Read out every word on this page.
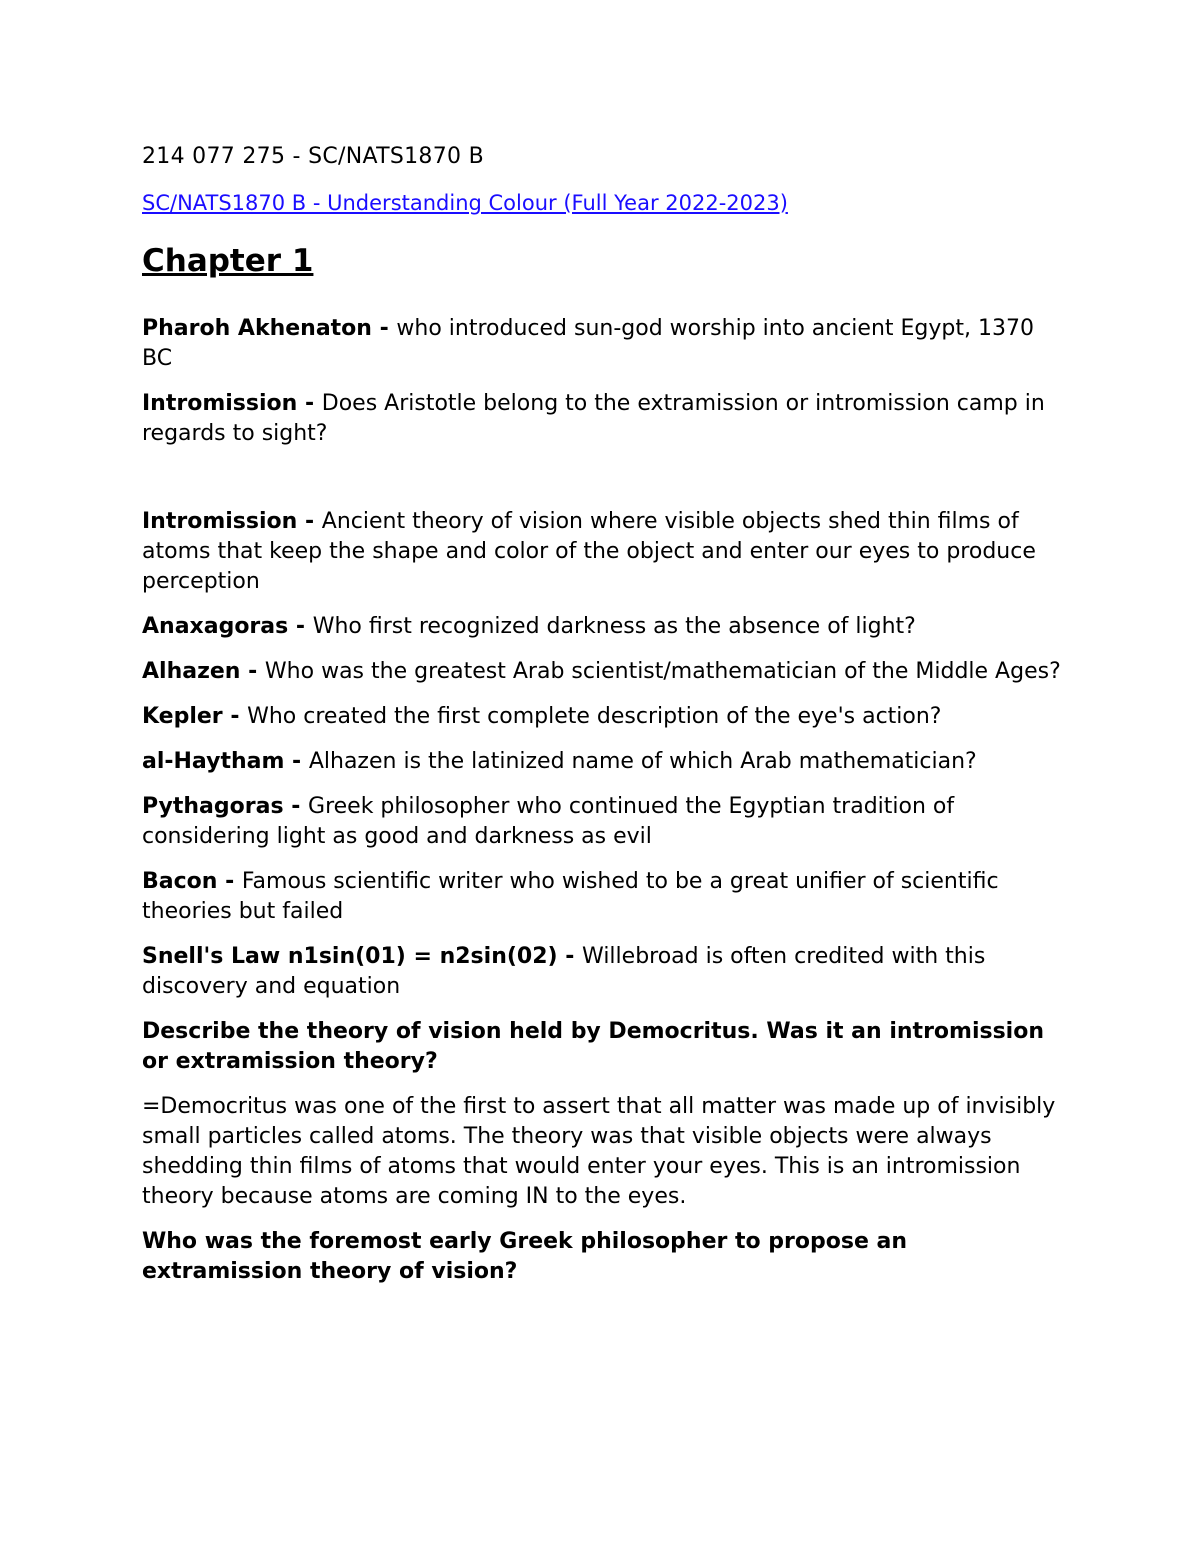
214 077 275 - SC/NATS1870 B

SC/NATS1870 B - Understanding Colour (Full Year 2022-2023)
Chapter 1

Pharoh Akhenaton - who introduced sun-god worship into ancient Egypt, 1370 BC

Intromission - Does Aristotle belong to the extramission or intromission camp in regards to sight?

Intromission - Ancient theory of vision where visible objects shed thin films of atoms that keep the shape and color of the object and enter our eyes to produce perception

Anaxagoras - Who first recognized darkness as the absence of light?

Alhazen - Who was the greatest Arab scientist/mathematician of the Middle Ages?

Kepler - Who created the first complete description of the eye's action?

al-Haytham - Alhazen is the latinized name of which Arab mathematician?

Pythagoras - Greek philosopher who continued the Egyptian tradition of considering light as good and darkness as evil

Bacon - Famous scientific writer who wished to be a great unifier of scientific theories but failed

Snell's Law n1sin(01) = n2sin(02) - Willebroad is often credited with this discovery and equation

Describe the theory of vision held by Democritus. Was it an intromission or extramission theory?

=Democritus was one of the first to assert that all matter was made up of invisibly small particles called atoms. The theory was that visible objects were always shedding thin films of atoms that would enter your eyes. This is an intromission theory because atoms are coming IN to the eyes.

Who was the foremost early Greek philosopher to propose an extramission theory of vision?
